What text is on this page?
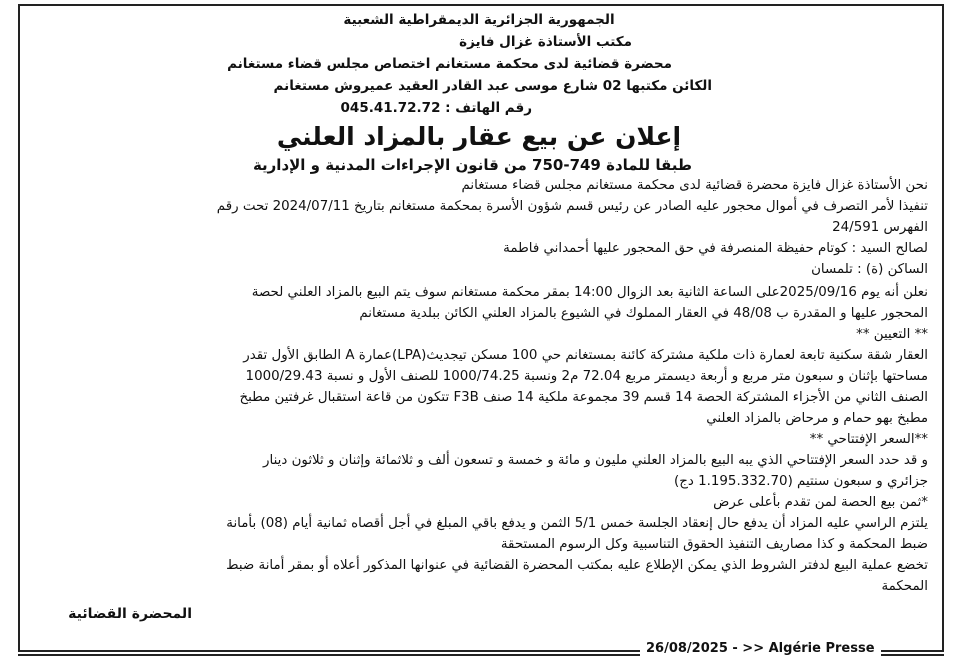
الجمهورية الجزائرية الديمقراطية الشعبية
مكتب الأستاذة غزال فايزة
محضرة قضائية لدى محكمة مستغانم اختصاص مجلس قضاء مستغانم
الكائن مكتبها 02 شارع موسى عبد القادر العقيد عميروش مستغانم
رقم الهاتف : 045.41.72.72
إعلان عن بيع عقار بالمزاد العلني
طبقا للمادة 749-750 من قانون الإجراءات المدنية و الإدارية
نحن الأستاذة غزال فايزة محضرة قضائية لدى محكمة مستغانم مجلس قضاء مستغانم
تنفيذا لأمر التصرف في أموال محجور عليه الصادر عن رئيس قسم شؤون الأسرة بمحكمة مستغانم بتاريخ 2024/07/11 تحت رقم
الفهرس 24/591
لصالح السيد : كوتام حفيظة المنصرفة في حق المحجور عليها أحمداني فاطمة
الساكن (ة) : تلمسان
نعلن أنه يوم 2025/09/16على الساعة الثانية بعد الزوال 14:00 بمقر محكمة مستغانم سوف يتم البيع بالمزاد العلني لحصة
المحجور عليها و المقدرة ب 48/08 في العقار المملوك في الشيوع بالمزاد العلني الكائن ببلدية مستغانم
** التعيين **
العقار شقة سكنية تابعة لعمارة ذات ملكية مشتركة كائنة بمستغانم حي 100 مسكن تيجديث(LPA)عمارة A الطابق الأول تقدر
مساحتها بإثنان و سبعون متر مربع و أربعة ديسمتر مربع 72.04 م2 ونسبة 1000/74.25 للصنف الأول و نسبة 1000/29.43
الصنف الثاني من الأجزاء المشتركة الحصة 14 قسم 39 مجموعة ملكية 14 صنف F3B تتكون من قاعة استقبال غرفتين مطبخ
مطبخ بهو حمام و مرحاض بالمزاد العلني
**السعر الإفتتاحي **
و قد حدد السعر الإفتتاحي الذي يبه البيع بالمزاد العلني مليون و مائة و خمسة و تسعون ألف و ثلاثمائة وإثنان و ثلاثون دينار
جزائري و سبعون سنتيم (1.195.332.70 دج)
*ثمن بيع الحصة لمن تقدم بأعلى عرض
يلتزم الراسي عليه المزاد أن يدفع حال إنعقاد الجلسة خمس 5/1 الثمن و يدفع باقي المبلغ في أجل أقصاه ثمانية أيام (08) بأمانة
ضبط المحكمة و كذا مصاريف التنفيذ الحقوق التناسبية وكل الرسوم المستحقة
تخضع عملية البيع لدفتر الشروط الذي يمكن الإطلاع عليه بمكتب المحضرة القضائية في عنوانها المذكور أعلاه أو بمقر أمانة ضبط
المحكمة
المحضرة القضائية
26/08/2025 - >> Algérie Presse
